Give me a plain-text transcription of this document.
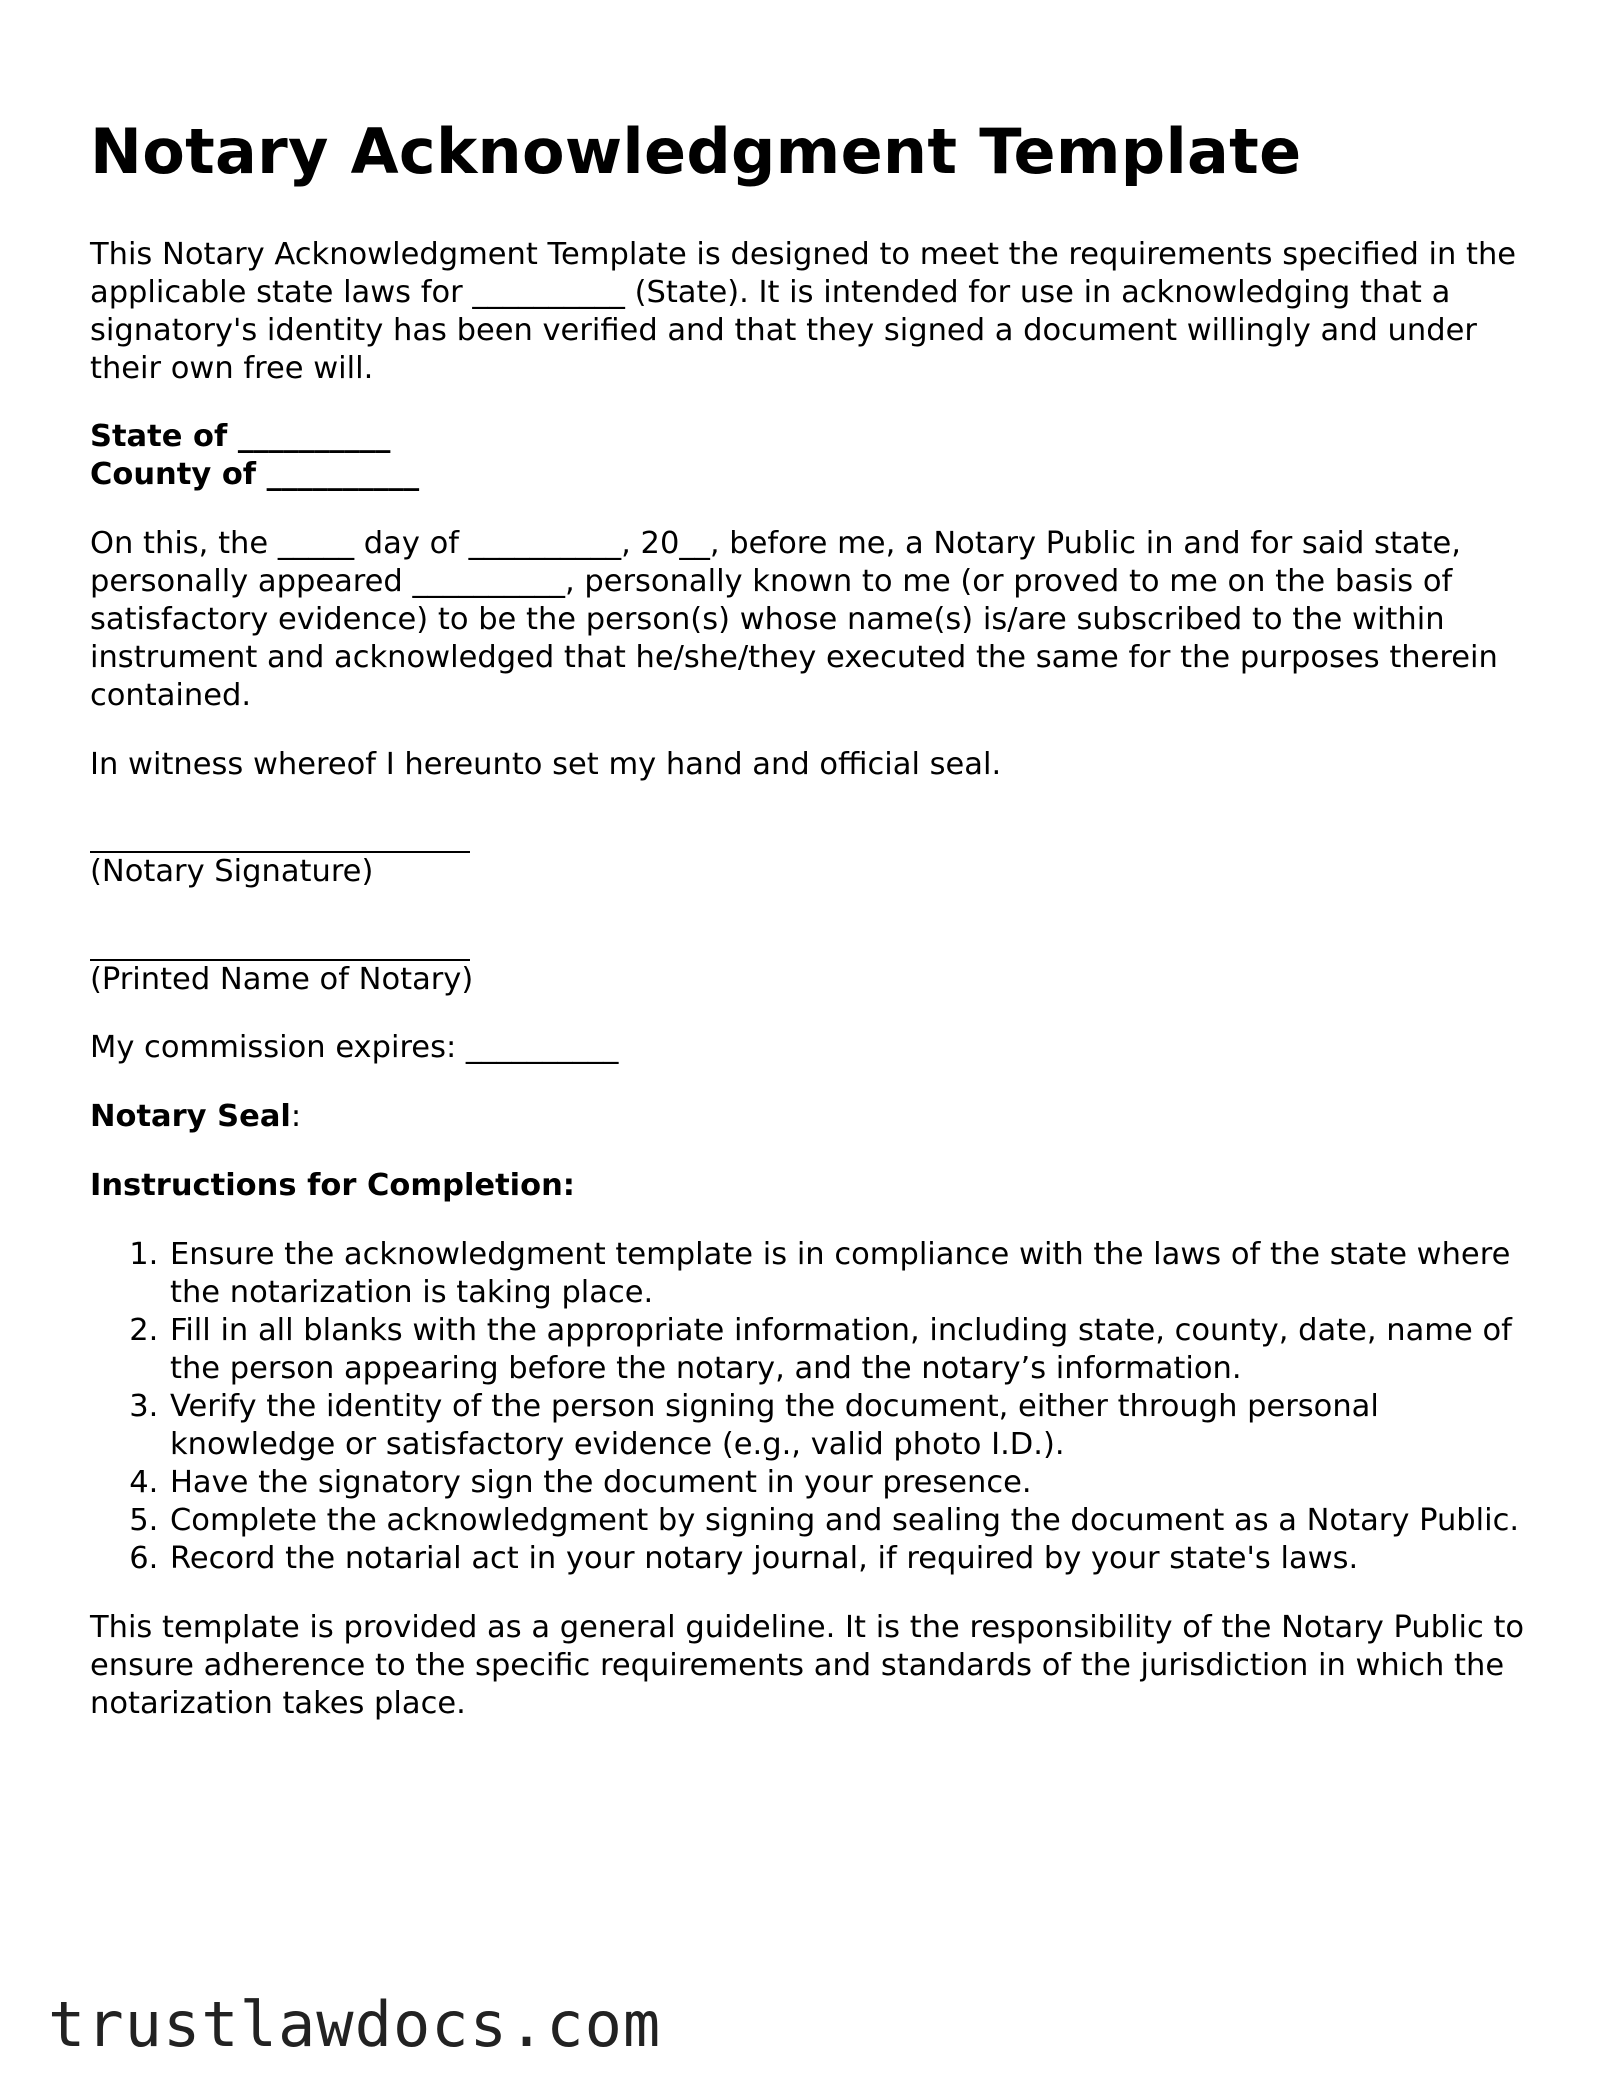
Notary Acknowledgment Template

This Notary Acknowledgment Template is designed to meet the requirements specified in the applicable state laws for __________ (State). It is intended for use in acknowledging that a signatory's identity has been verified and that they signed a document willingly and under their own free will.

State of __________
County of __________

On this, the _____ day of __________, 20__, before me, a Notary Public in and for said state, personally appeared __________, personally known to me (or proved to me on the basis of satisfactory evidence) to be the person(s) whose name(s) is/are subscribed to the within instrument and acknowledged that he/she/they executed the same for the purposes therein contained.

In witness whereof I hereunto set my hand and official seal.

(Notary Signature)

(Printed Name of Notary)

My commission expires: __________

Notary Seal:

Instructions for Completion:

1. Ensure the acknowledgment template is in compliance with the laws of the state where the notarization is taking place.
2. Fill in all blanks with the appropriate information, including state, county, date, name of the person appearing before the notary, and the notary’s information.
3. Verify the identity of the person signing the document, either through personal knowledge or satisfactory evidence (e.g., valid photo I.D.).
4. Have the signatory sign the document in your presence.
5. Complete the acknowledgment by signing and sealing the document as a Notary Public.
6. Record the notarial act in your notary journal, if required by your state's laws.

This template is provided as a general guideline. It is the responsibility of the Notary Public to ensure adherence to the specific requirements and standards of the jurisdiction in which the notarization takes place.

trustlawdocs.com
